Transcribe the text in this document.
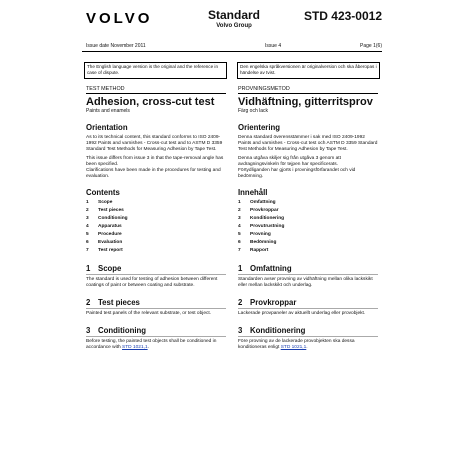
VOLVO	Standard
Volvo Group
STD 423-0012
Issue date November 2011	Issue 4	Page 1(6)
The English language version is the original and the reference in case of dispute.
Den engelska språkversionen är originalversion och ska åberopas i händelse av tvist.
TEST METHOD
Adhesion, cross-cut test
Paints and enamels
Orientation

As to its technical content, this standard conforms to ISO 2409-1992 Paints and varnishes - Cross-cut test and to ASTM D 3359 Standard Test Methods for Measuring Adhesion by Tape Test.

This issue differs from issue 3 in that the tape-removal angle has been specified.

Clarifications have been made in the procedures for testing and evaluation.

Contents
1 Scope
2 Test pieces
3 Conditioning
4 Apparatus
5 Procedure
6 Evaluation
7 Test report
1 Scope

The standard is used for testing of adhesion between different coatings of paint or between coating and substrate.

2 Test pieces

Painted test panels of the relevant substrate, or test object.

3 Conditioning

Before testing, the painted test objects shall be conditioned in accordance with STD 1021,1.

PROVNINGSMETOD
Vidhäftning, gitterritsprov
Färg och lack
Orientering

Denna standard överensstämmer i sak med ISO 2409-1992 Paints and varnishes - Cross-cut test och ASTM D 3359 Standard Test Methods for Measuring Adhesion by Tape Test.

Denna utgåva skiljer sig från utgåva 3 genom att avdragningsvinkeln för tejpen har specificerats.

Förtydliganden har gjorts i provningsförfarandet och vid bedömning.

Innehåll
1 Omfattning
2 Provkroppar
3 Konditionering
4 Provutrustning
5 Provning
6 Bedömning
7 Rapport
1 Omfattning

Standarden avser provning av vidhäftning mellan olika lackskikt eller mellan lackskikt och underlag.

2 Provkroppar

Lackerade provpaneler av aktuellt underlag eller provobjekt.

3 Konditionering

Före provning av de lackerade provobjekten ska dessa konditioneras enligt STD 1021,1.
